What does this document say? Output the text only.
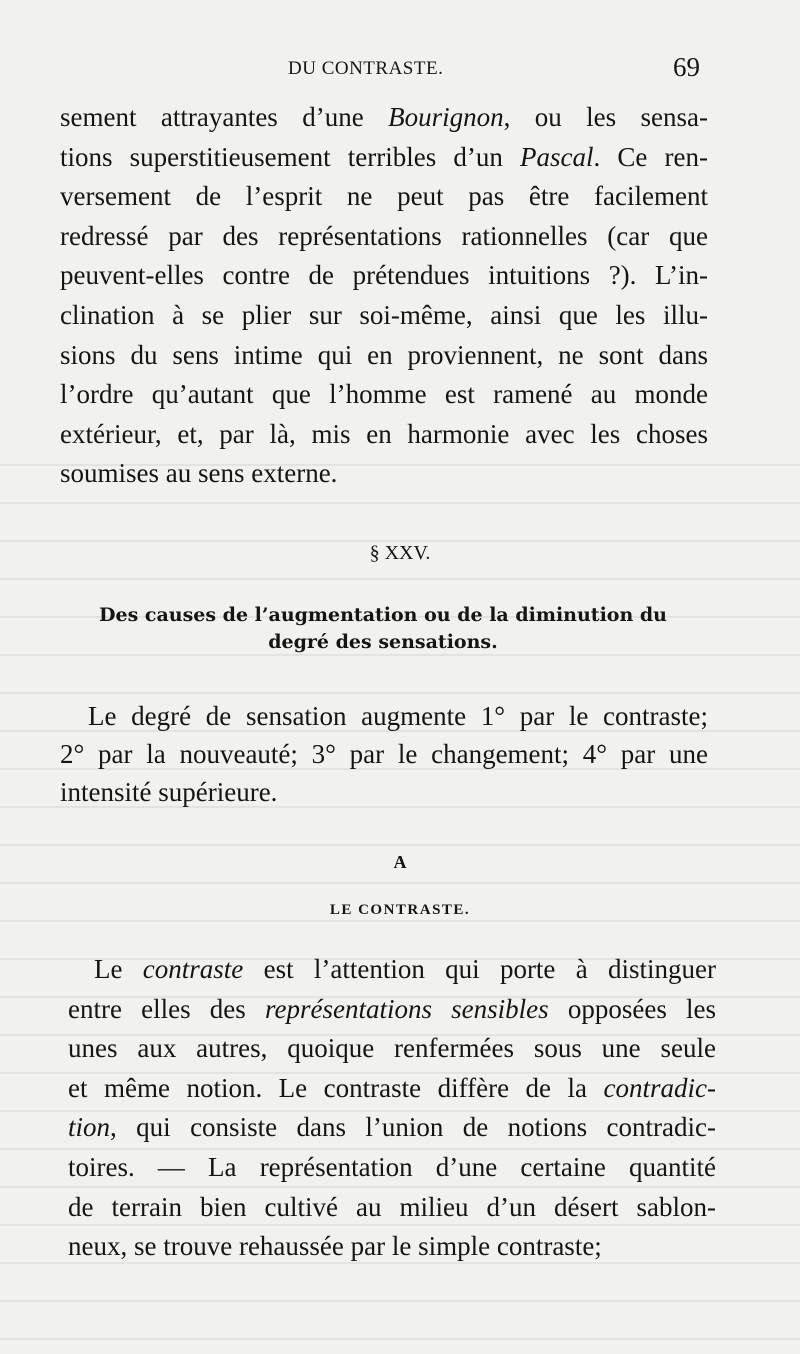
DU CONTRASTE.	69
sement attrayantes d’une Bourignon, ou les sensa-
tions superstitieusement terribles d’un Pascal. Ce ren-
versement de l’esprit ne peut pas être facilement
redressé par des représentations rationnelles (car que
peuvent-elles contre de prétendues intuitions ?). L’in-
clination à se plier sur soi-même, ainsi que les illu-
sions du sens intime qui en proviennent, ne sont dans
l’ordre qu’autant que l’homme est ramené au monde
extérieur, et, par là, mis en harmonie avec les choses
soumises au sens externe.
§ XXV.
Des causes de l’augmentation ou de la diminution du degré des sensations.
Le degré de sensation augmente 1° par le contraste;
2° par la nouveauté; 3° par le changement; 4° par une
intensité supérieure.
A
LE CONTRASTE.
Le contraste est l’attention qui porte à distinguer
entre elles des représentations sensibles opposées les
unes aux autres, quoique renfermées sous une seule
et même notion. Le contraste diffère de la contradic-
tion, qui consiste dans l’union de notions contradic-
toires. — La représentation d’une certaine quantité
de terrain bien cultivé au milieu d’un désert sablon-
neux, se trouve rehaussée par le simple contraste;
